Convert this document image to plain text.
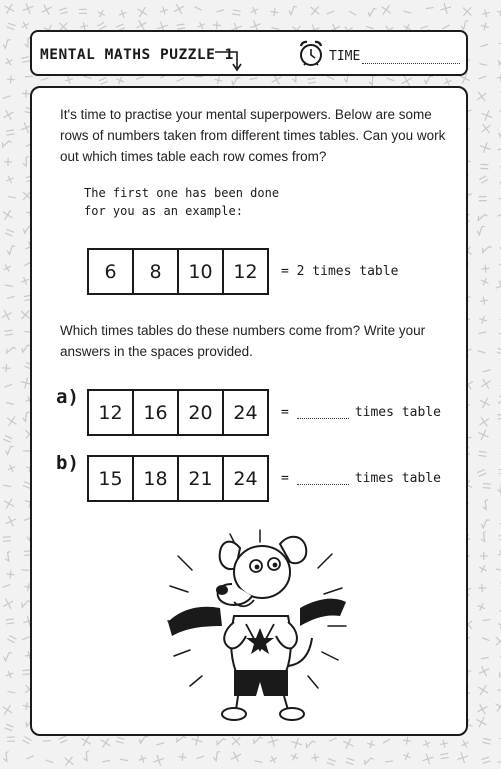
MENTAL MATHS PUZZLE 1	TIME
It's time to practise your mental superpowers. Below are some rows of numbers taken from different times tables. Can you work out which times table each row comes from?
The first one has been done for you as an example:
6	8	10	12	= 2 times table
Which times tables do these numbers come from? Write your answers in the spaces provided.
a)
12	16	20	24	=	times table
b)
15	18	21	24	=	times table
